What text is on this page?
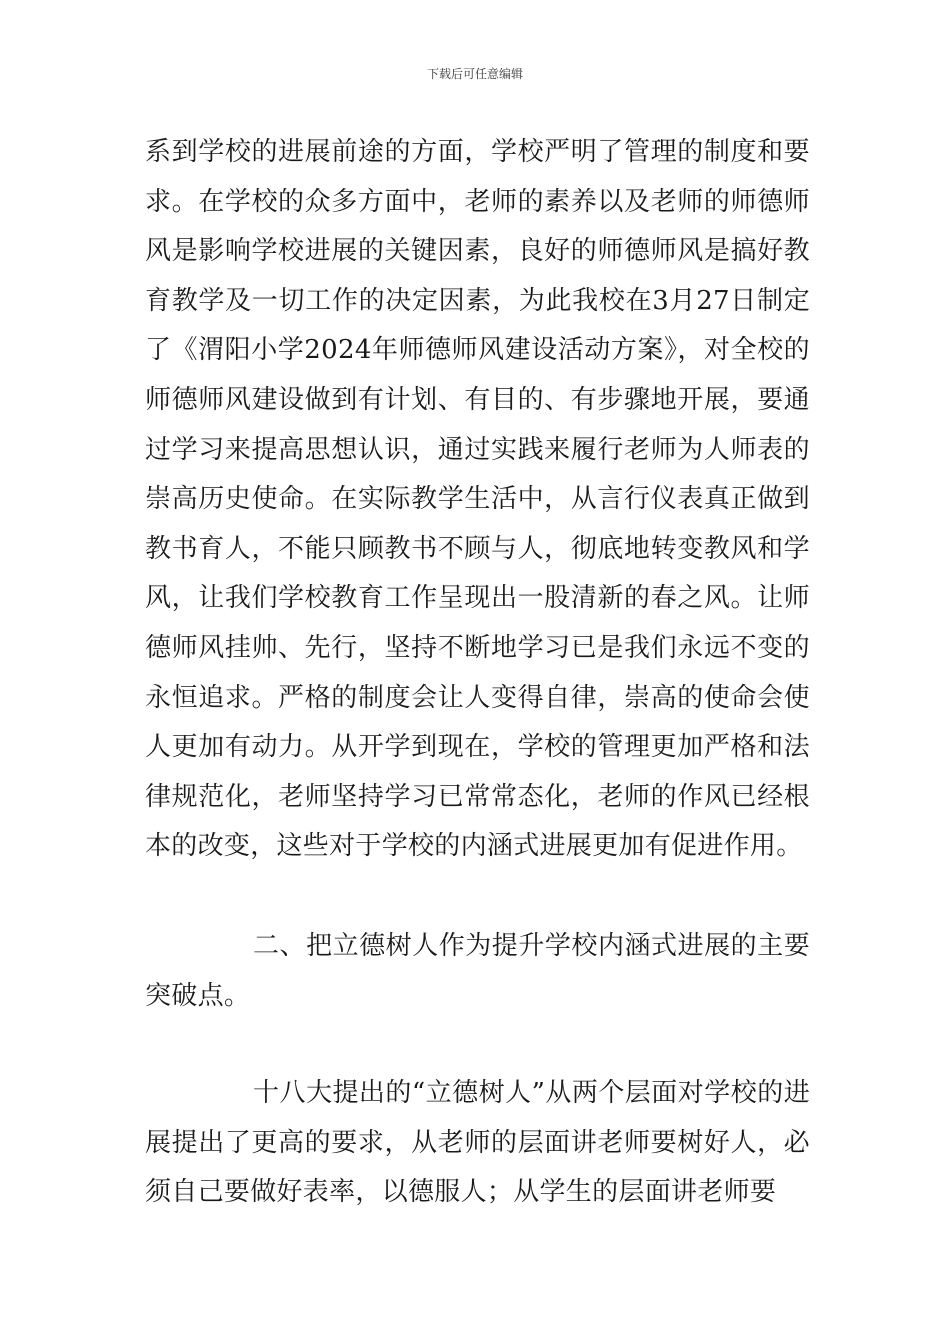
下载后可任意编辑

系到学校的进展前途的方面，学校严明了管理的制度和要求。在学校的众多方面中，老师的素养以及老师的师德师风是影响学校进展的关键因素，良好的师德师风是搞好教育教学及一切工作的决定因素，为此我校在3月27日制定了《渭阳小学2024年师德师风建设活动方案》，对全校的师德师风建设做到有计划、有目的、有步骤地开展，要通过学习来提高思想认识，通过实践来履行老师为人师表的崇高历史使命。在实际教学生活中，从言行仪表真正做到教书育人，不能只顾教书不顾与人，彻底地转变教风和学风，让我们学校教育工作呈现出一股清新的春之风。让师德师风挂帅、先行，坚持不断地学习已是我们永远不变的永恒追求。严格的制度会让人变得自律，崇高的使命会使人更加有动力。从开学到现在，学校的管理更加严格和法律规范化，老师坚持学习已常常态化，老师的作风已经根本的改变，这些对于学校的内涵式进展更加有促进作用。

二、把立德树人作为提升学校内涵式进展的主要突破点。

十八大提出的“立德树人”从两个层面对学校的进展提出了更高的要求，从老师的层面讲老师要树好人，必须自己要做好表率，以德服人；从学生的层面讲老师要
